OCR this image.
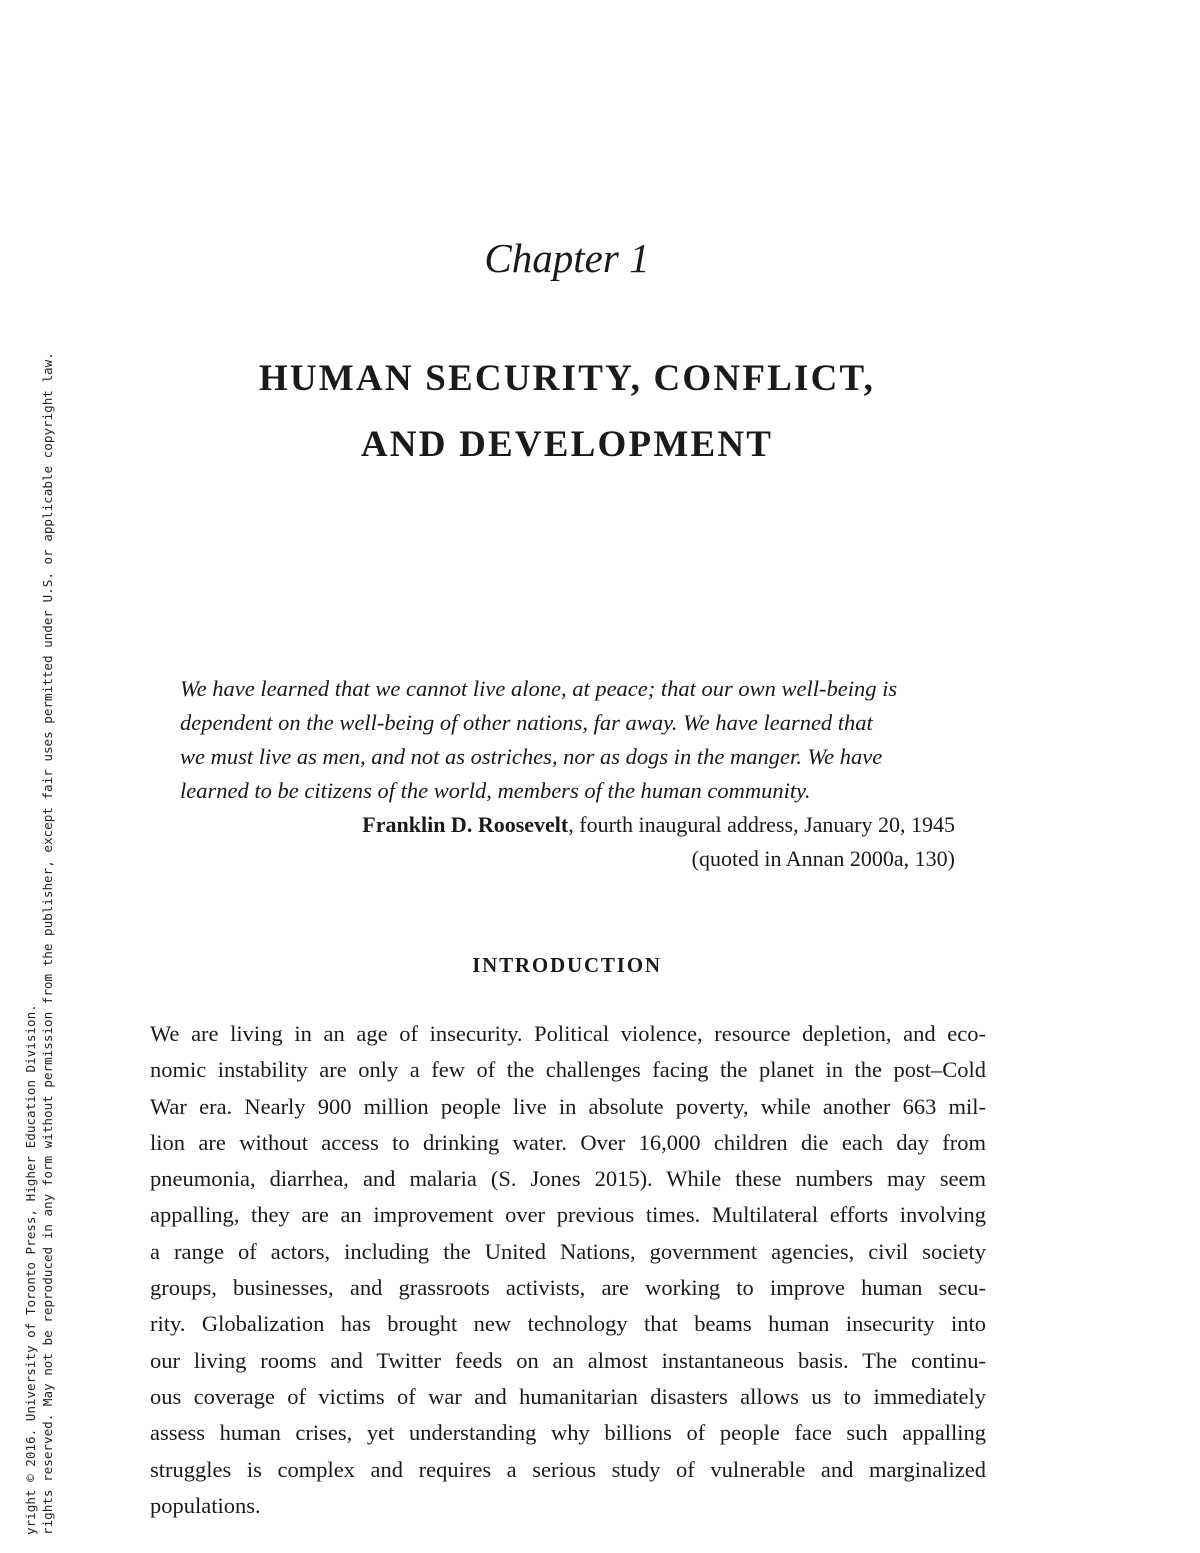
yright © 2016. University of Toronto Press, Higher Education Division. rights reserved. May not be reproduced in any form without permission from the publisher, except fair uses permitted under U.S. or applicable copyright law.
Chapter 1
HUMAN SECURITY, CONFLICT,
AND DEVELOPMENT
We have learned that we cannot live alone, at peace; that our own well-being is
dependent on the well-being of other nations, far away. We have learned that
we must live as men, and not as ostriches, nor as dogs in the manger. We have
learned to be citizens of the world, members of the human community.
Franklin D. Roosevelt, fourth inaugural address, January 20, 1945
(quoted in Annan 2000a, 130)
INTRODUCTION
We are living in an age of insecurity. Political violence, resource depletion, and eco-
nomic instability are only a few of the challenges facing the planet in the post–Cold
War era. Nearly 900 million people live in absolute poverty, while another 663 mil-
lion are without access to drinking water. Over 16,000 children die each day from
pneumonia, diarrhea, and malaria (S. Jones 2015). While these numbers may seem
appalling, they are an improvement over previous times. Multilateral efforts involving
a range of actors, including the United Nations, government agencies, civil society
groups, businesses, and grassroots activists, are working to improve human secu-
rity. Globalization has brought new technology that beams human insecurity into
our living rooms and Twitter feeds on an almost instantaneous basis. The continu-
ous coverage of victims of war and humanitarian disasters allows us to immediately
assess human crises, yet understanding why billions of people face such appalling
struggles is complex and requires a serious study of vulnerable and marginalized
populations.
